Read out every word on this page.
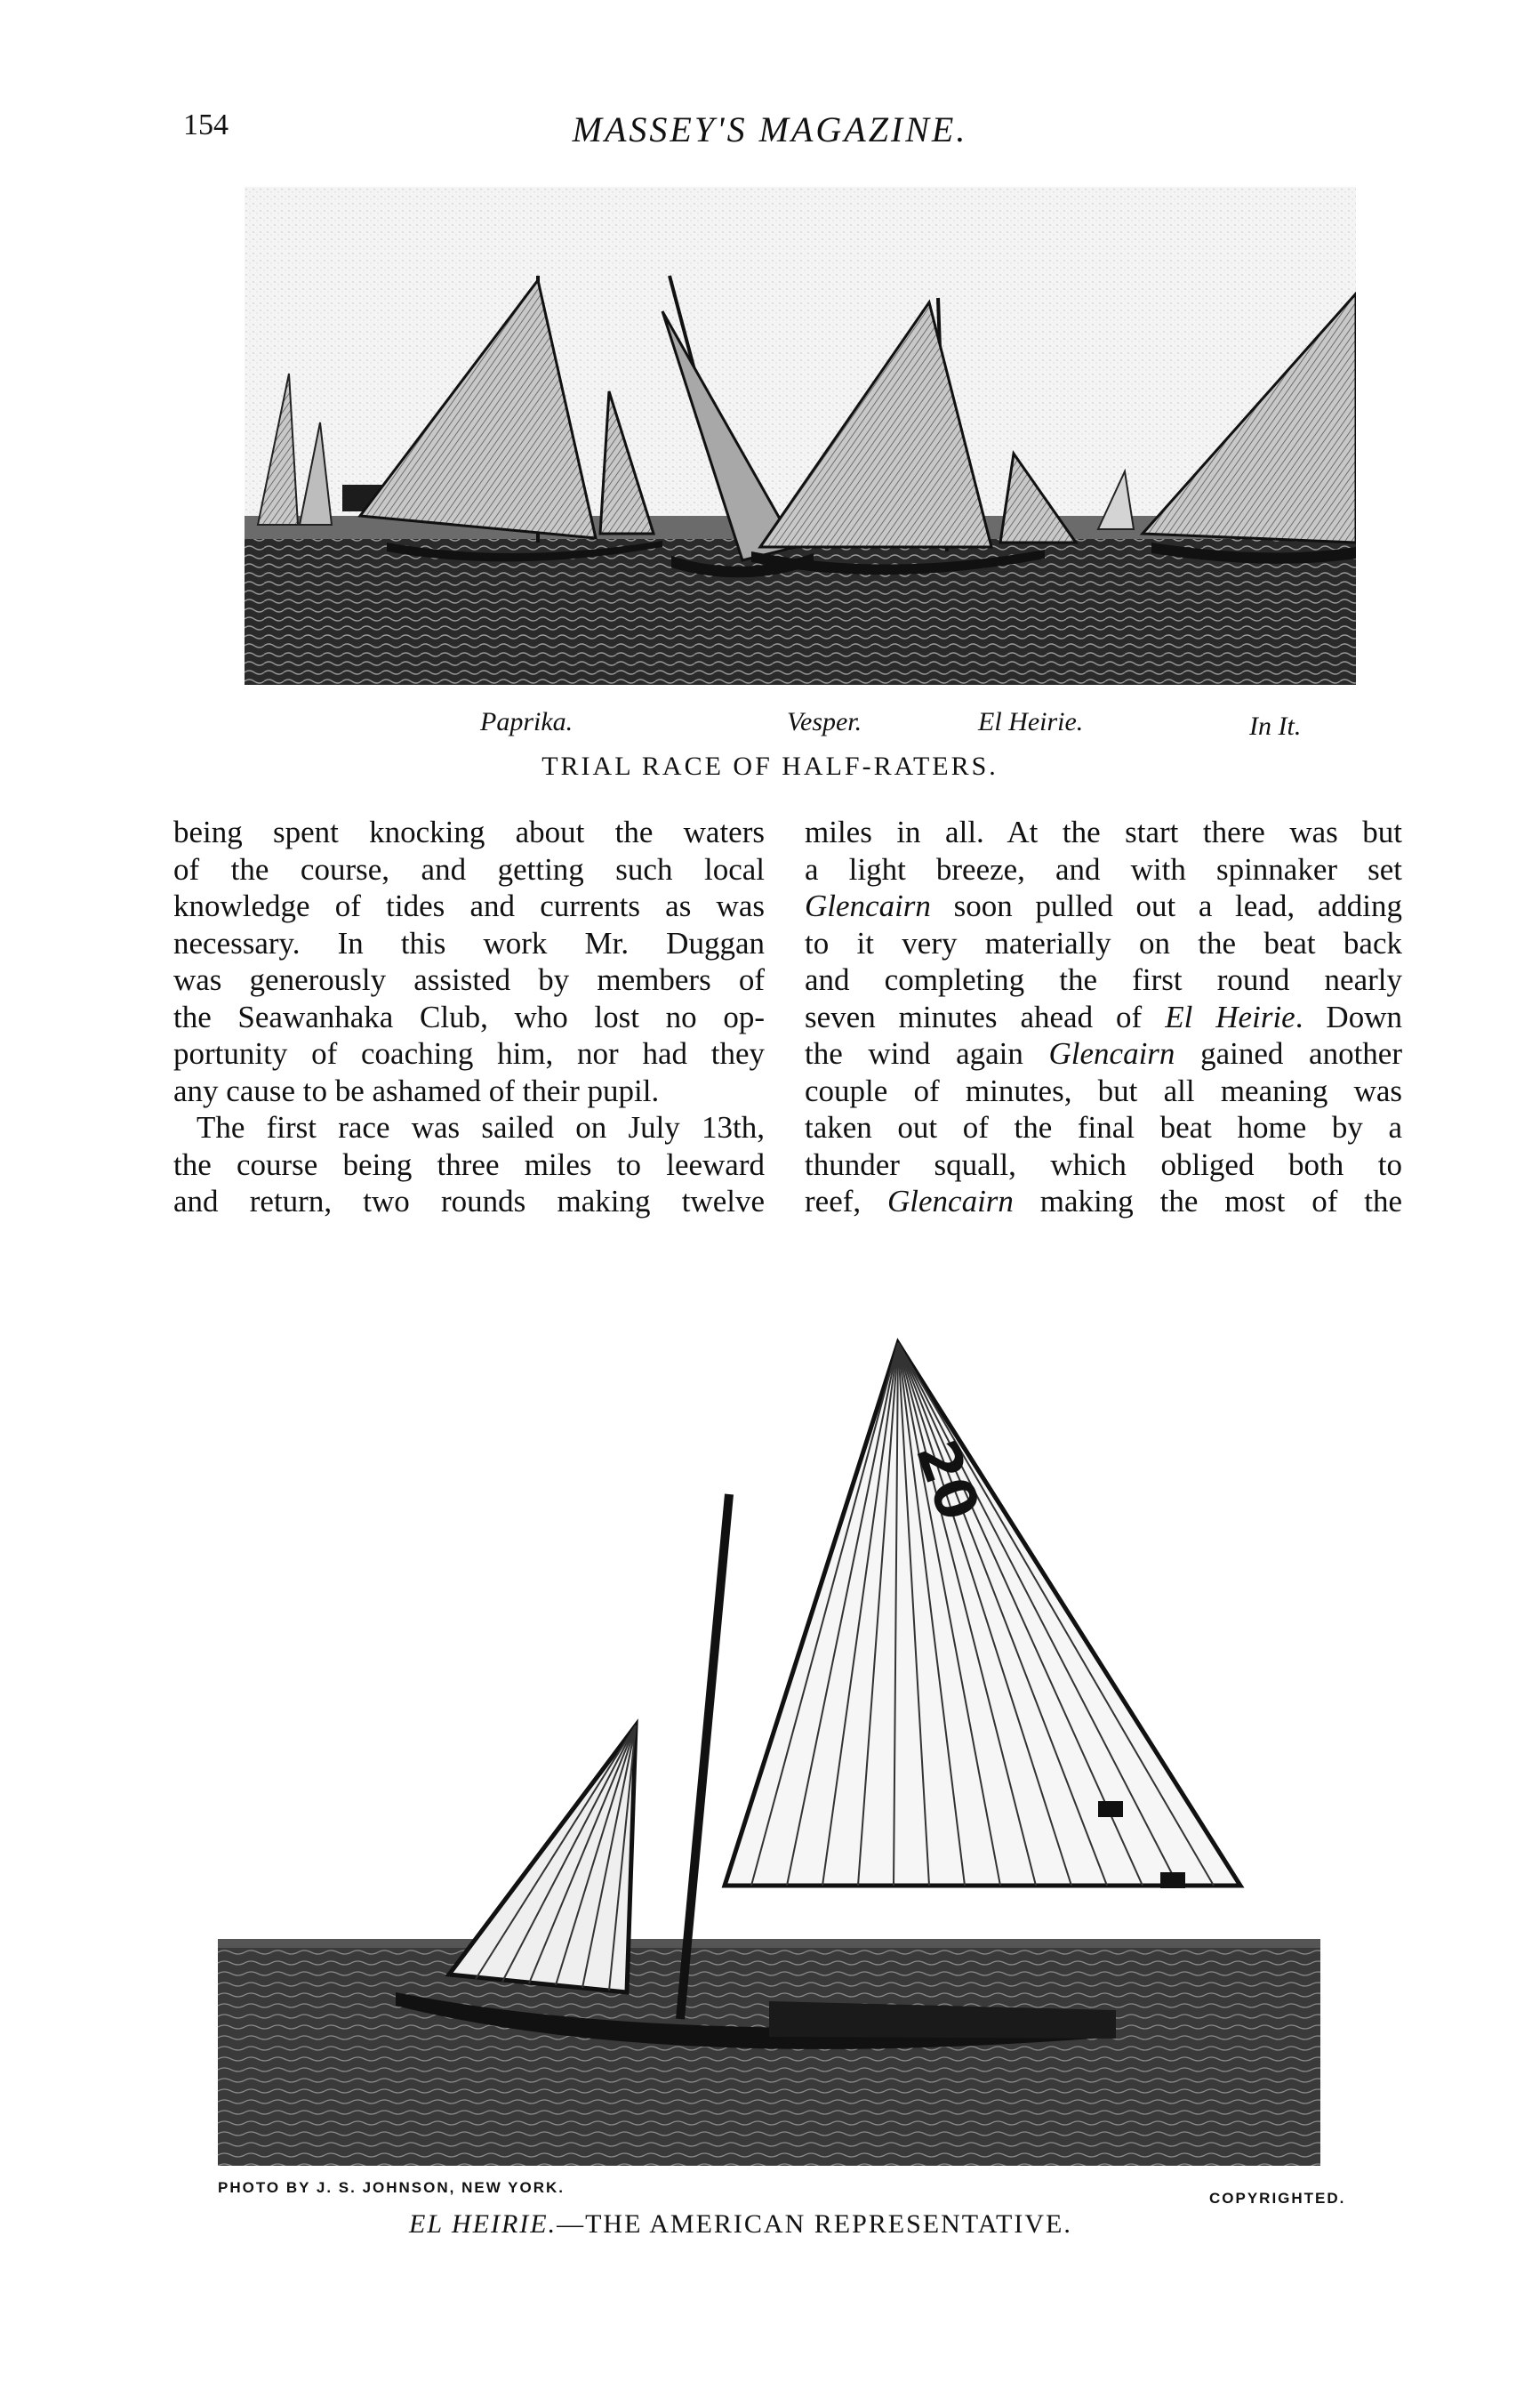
154	MASSEY'S MAGAZINE.
Paprika.	Vesper.	El Heirie.	In It.
TRIAL RACE OF HALF-RATERS.

being spent knocking about the waters
of the course, and getting such local
knowledge of tides and currents as was
necessary. In this work Mr. Duggan
was generously assisted by members of
the Seawanhaka Club, who lost no op-
portunity of coaching him, nor had they
any cause to be ashamed of their pupil.

The first race was sailed on July 13th,
the course being three miles to leeward
and return, two rounds making twelve

miles in all. At the start there was but
a light breeze, and with spinnaker set
Glencairn soon pulled out a lead, adding
to it very materially on the beat back
and completing the first round nearly
seven minutes ahead of El Heirie. Down
the wind again Glencairn gained another
couple of minutes, but all meaning was
taken out of the final beat home by a
thunder squall, which obliged both to
reef, Glencairn making the most of the

20
PHOTO BY J. S. JOHNSON, NEW YORK.
COPYRIGHTED.
EL HEIRIE.—THE AMERICAN REPRESENTATIVE.
